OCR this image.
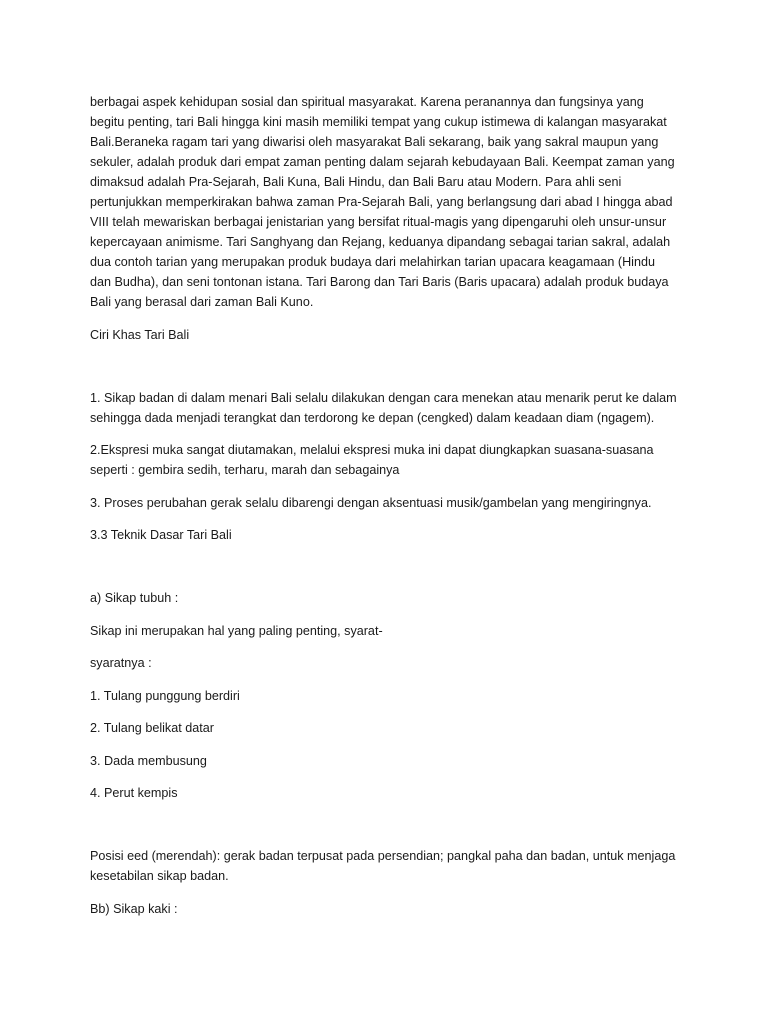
berbagai aspek kehidupan sosial dan spiritual masyarakat. Karena peranannya dan fungsinya yang
begitu penting, tari Bali hingga kini masih memiliki tempat yang cukup istimewa di kalangan masyarakat
Bali.Beraneka ragam tari yang diwarisi oleh masyarakat Bali sekarang, baik yang sakral maupun yang
sekuler, adalah produk dari empat zaman penting dalam sejarah kebudayaan Bali. Keempat zaman yang
dimaksud adalah Pra-Sejarah, Bali Kuna, Bali Hindu, dan Bali Baru atau Modern. Para ahli seni
pertunjukkan memperkirakan bahwa zaman Pra-Sejarah Bali, yang berlangsung dari abad I hingga abad
VIII telah mewariskan berbagai jenistarian yang bersifat ritual-magis yang dipengaruhi oleh unsur-unsur
kepercayaan animisme. Tari Sanghyang dan Rejang, keduanya dipandang sebagai tarian sakral, adalah
dua contoh tarian yang merupakan produk budaya dari melahirkan tarian upacara keagamaan (Hindu
dan Budha), dan seni tontonan istana. Tari Barong dan Tari Baris (Baris upacara) adalah produk budaya
Bali yang berasal dari zaman Bali Kuno.

Ciri Khas Tari Bali

1. Sikap badan di dalam menari Bali selalu dilakukan dengan cara menekan atau menarik perut ke dalam
sehingga dada menjadi terangkat dan terdorong ke depan (cengked) dalam keadaan diam (ngagem).

2.Ekspresi muka sangat diutamakan, melalui ekspresi muka ini dapat diungkapkan suasana-suasana
seperti : gembira sedih, terharu, marah dan sebagainya

3. Proses perubahan gerak selalu dibarengi dengan aksentuasi musik/gambelan yang mengiringnya.

3.3 Teknik Dasar Tari Bali

a) Sikap tubuh :

Sikap ini merupakan hal yang paling penting, syarat-

syaratnya :

1. Tulang punggung berdiri

2. Tulang belikat datar

3. Dada membusung

4. Perut kempis

Posisi eed (merendah): gerak badan terpusat pada persendian; pangkal paha dan badan, untuk menjaga
kesetabilan sikap badan.

Bb) Sikap kaki :
